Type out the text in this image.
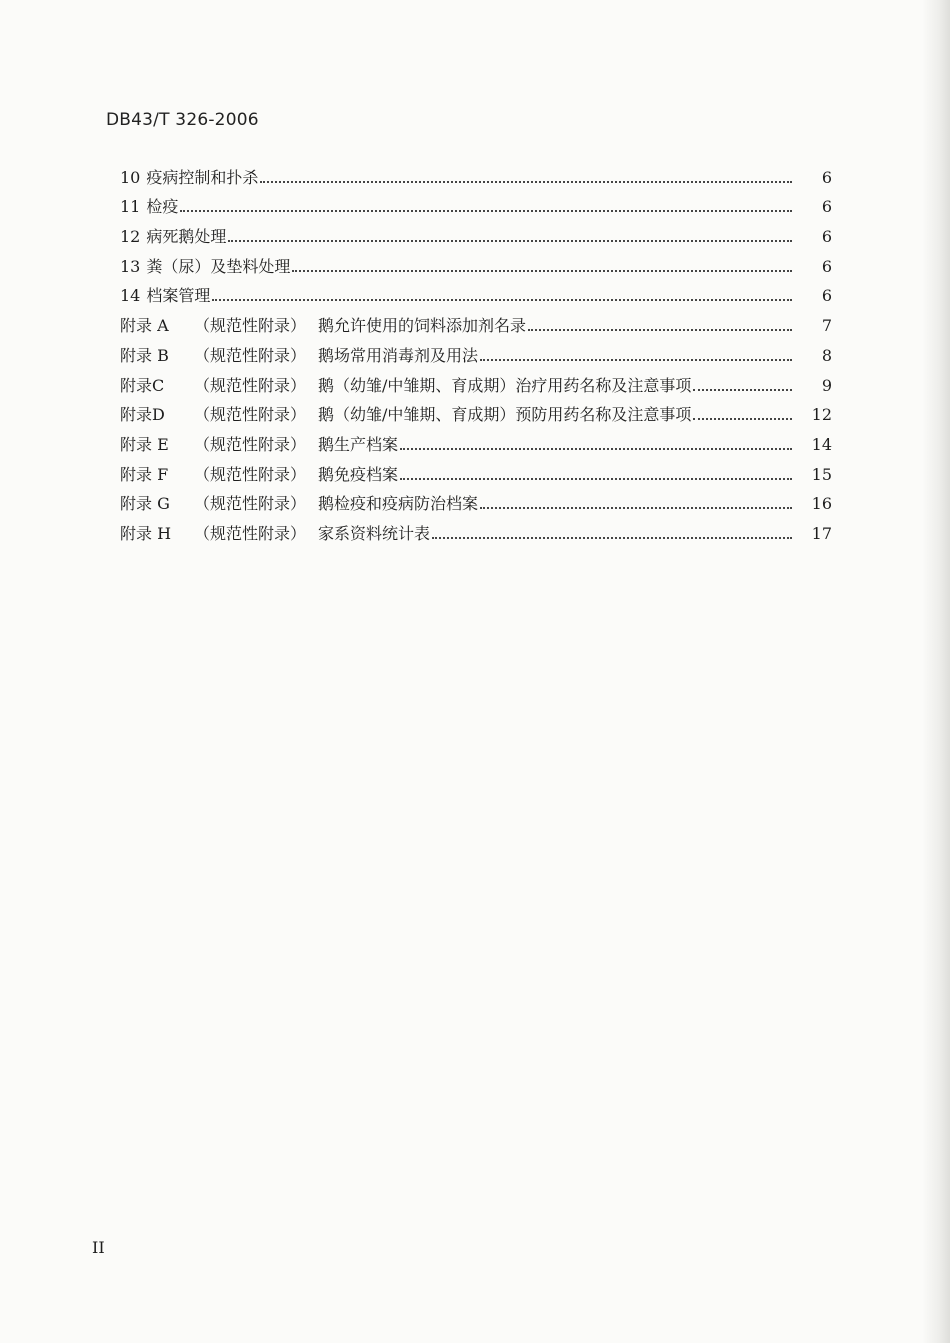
DB43/T 326-2006
10 疫病控制和扑杀	6
11 检疫	6
12 病死鹅处理	6
13 粪（尿）及垫料处理	6
14 档案管理	6
附录 A	（规范性附录） 鹅允许使用的饲料添加剂名录	7
附录 B	（规范性附录） 鹅场常用消毒剂及用法	8
附录C	（规范性附录） 鹅（幼雏/中雏期、育成期）治疗用药名称及注意事项	9
附录D	（规范性附录） 鹅（幼雏/中雏期、育成期）预防用药名称及注意事项	12
附录 E	（规范性附录） 鹅生产档案	14
附录 F	（规范性附录） 鹅免疫档案	15
附录 G	（规范性附录） 鹅检疫和疫病防治档案	16
附录 H	（规范性附录） 家系资料统计表	17
II
